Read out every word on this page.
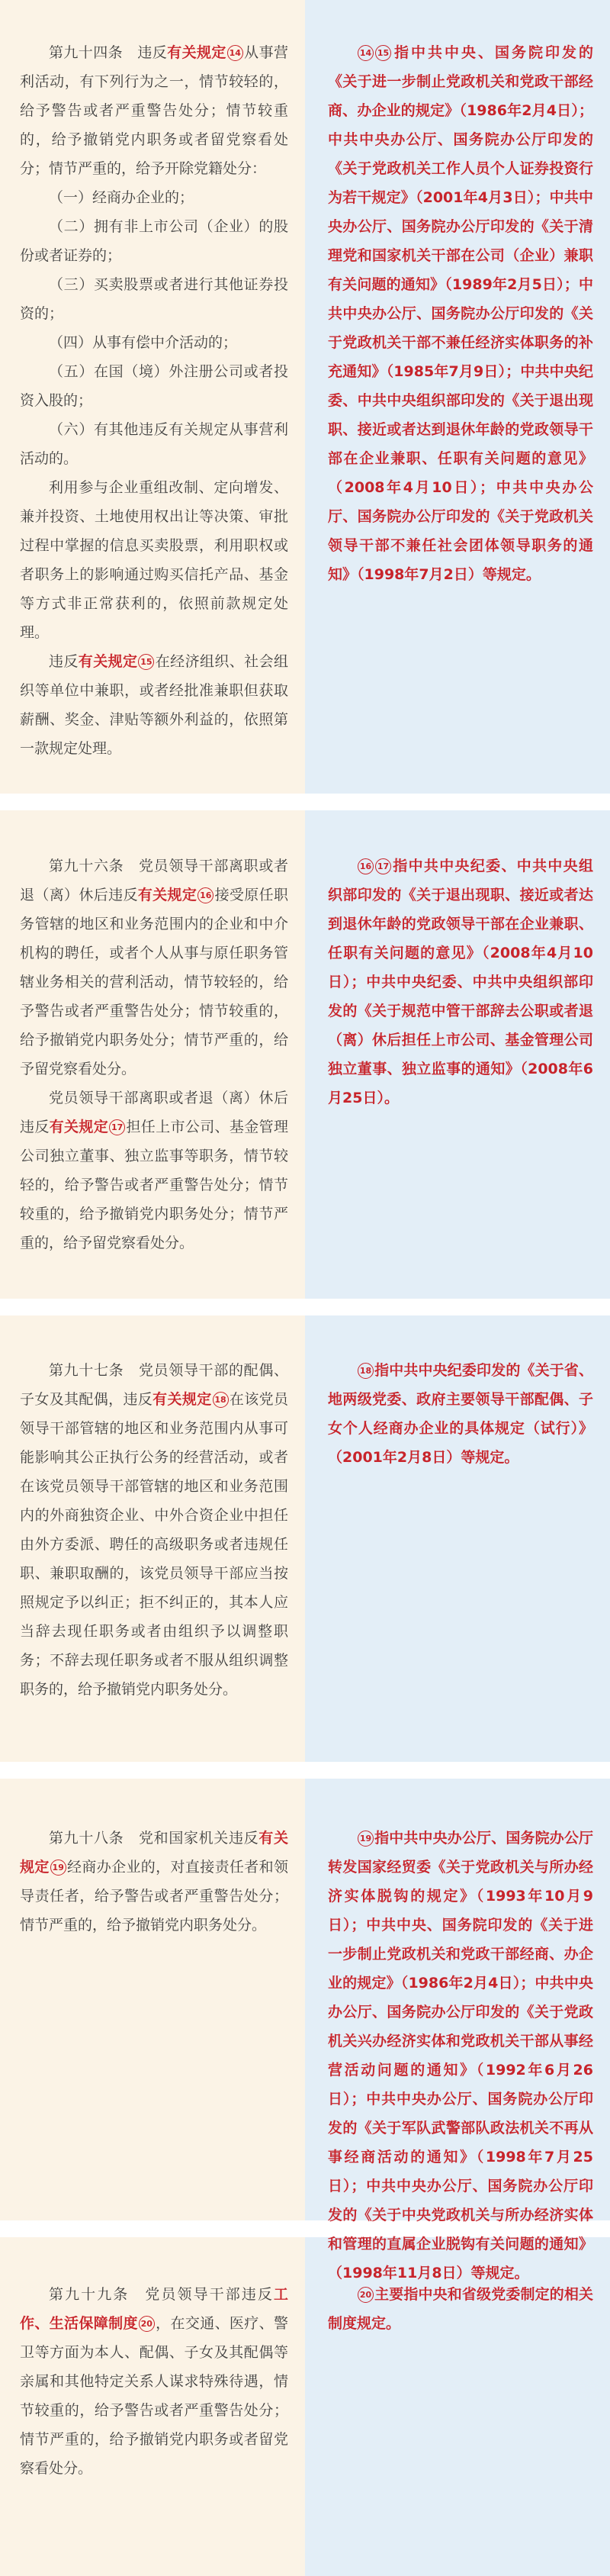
第九十四条　违反有关规定 14 从事营利活动，有下列行为之一，情节较轻的，给予警告或者严重警告处分；情节较重的，给予撤销党内职务或者留党察看处分；情节严重的，给予开除党籍处分：

（一）经商办企业的；

（二）拥有非上市公司（企业）的股份或者证券的；

（三）买卖股票或者进行其他证券投资的；

（四）从事有偿中介活动的；

（五）在国（境）外注册公司或者投资入股的；

（六）有其他违反有关规定从事营利活动的。

利用参与企业重组改制、定向增发、兼并投资、土地使用权出让等决策、审批过程中掌握的信息买卖股票，利用职权或者职务上的影响通过购买信托产品、基金等方式非正常获利的，依照前款规定处理。

违反有关规定 15 在经济组织、社会组织等单位中兼职，或者经批准兼职但获取薪酬、奖金、津贴等额外利益的，依照第一款规定处理。

14 15 指中共中央、国务院印发的《关于进一步制止党政机关和党政干部经商、办企业的规定》（1986年2月4日）；中共中央办公厅、国务院办公厅印发的《关于党政机关工作人员个人证券投资行为若干规定》（2001年4月3日）；中共中央办公厅、国务院办公厅印发的《关于清理党和国家机关干部在公司（企业）兼职有关问题的通知》（1989年2月5日）；中共中央办公厅、国务院办公厅印发的《关于党政机关干部不兼任经济实体职务的补充通知》（1985年7月9日）；中共中央纪委、中共中央组织部印发的《关于退出现职、接近或者达到退休年龄的党政领导干部在企业兼职、任职有关问题的意见》（2008年4月10日）；中共中央办公厅、国务院办公厅印发的《关于党政机关领导干部不兼任社会团体领导职务的通知》（1998年7月2日）等规定。

第九十六条　党员领导干部离职或者退（离）休后违反有关规定 16 接受原任职务管辖的地区和业务范围内的企业和中介机构的聘任，或者个人从事与原任职务管辖业务相关的营利活动，情节较轻的，给予警告或者严重警告处分；情节较重的，给予撤销党内职务处分；情节严重的，给予留党察看处分。

党员领导干部离职或者退（离）休后违反有关规定 17 担任上市公司、基金管理公司独立董事、独立监事等职务，情节较轻的，给予警告或者严重警告处分；情节较重的，给予撤销党内职务处分；情节严重的，给予留党察看处分。

16 17 指中共中央纪委、中共中央组织部印发的《关于退出现职、接近或者达到退休年龄的党政领导干部在企业兼职、任职有关问题的意见》（2008年4月10日）；中共中央纪委、中共中央组织部印发的《关于规范中管干部辞去公职或者退（离）休后担任上市公司、基金管理公司独立董事、独立监事的通知》（2008年6月25日）。

第九十七条　党员领导干部的配偶、子女及其配偶，违反有关规定 18 在该党员领导干部管辖的地区和业务范围内从事可能影响其公正执行公务的经营活动，或者在该党员领导干部管辖的地区和业务范围内的外商独资企业、中外合资企业中担任由外方委派、聘任的高级职务或者违规任职、兼职取酬的，该党员领导干部应当按照规定予以纠正；拒不纠正的，其本人应当辞去现任职务或者由组织予以调整职务；不辞去现任职务或者不服从组织调整职务的，给予撤销党内职务处分。

18 指中共中央纪委印发的《关于省、地两级党委、政府主要领导干部配偶、子女个人经商办企业的具体规定（试行）》（2001年2月8日）等规定。

第九十八条　党和国家机关违反有关规定 19 经商办企业的，对直接责任者和领导责任者，给予警告或者严重警告处分；情节严重的，给予撤销党内职务处分。

19 指中共中央办公厅、国务院办公厅转发国家经贸委《关于党政机关与所办经济实体脱钩的规定》（1993年10月9日）；中共中央、国务院印发的《关于进一步制止党政机关和党政干部经商、办企业的规定》（1986年2月4日）；中共中央办公厅、国务院办公厅印发的《关于党政机关兴办经济实体和党政机关干部从事经营活动问题的通知》（1992年6月26日）；中共中央办公厅、国务院办公厅印发的《关于军队武警部队政法机关不再从事经商活动的通知》（1998年7月25日）；中共中央办公厅、国务院办公厅印发的《关于中央党政机关与所办经济实体和管理的直属企业脱钩有关问题的通知》（1998年11月8日）等规定。

第九十九条　党员领导干部违反工作、生活保障制度 20 ，在交通、医疗、警卫等方面为本人、配偶、子女及其配偶等亲属和其他特定关系人谋求特殊待遇，情节较重的，给予警告或者严重警告处分；情节严重的，给予撤销党内职务或者留党察看处分。

20 主要指中央和省级党委制定的相关制度规定。
